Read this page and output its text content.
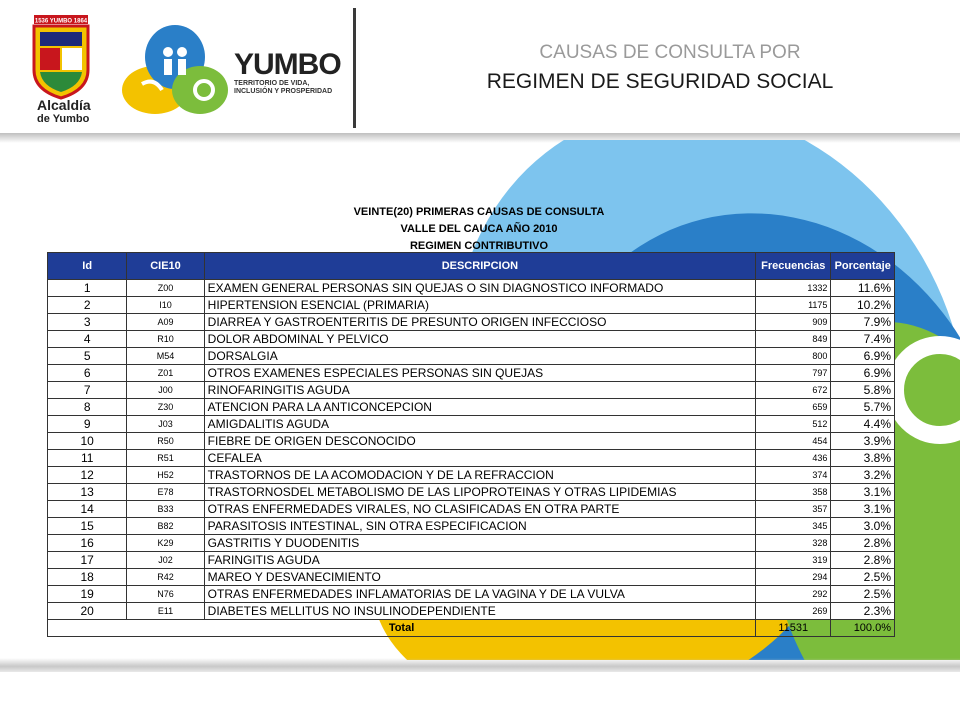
1536 YUMBO 1864
Alcaldía
de Yumbo
YUMBO
TERRITORIO DE VIDA,
INCLUSIÓN Y PROSPERIDAD
CAUSAS DE CONSULTA POR
REGIMEN DE SEGURIDAD SOCIAL
VEINTE(20) PRIMERAS CAUSAS DE CONSULTA
VALLE DEL CAUCA AÑO 2010
REGIMEN CONTRIBUTIVO
Id	CIE10	DESCRIPCION	Frecuencias	Porcentaje
1	Z00	EXAMEN GENERAL PERSONAS SIN QUEJAS O SIN DIAGNOSTICO INFORMADO	1332	11.6%
2	I10	HIPERTENSION ESENCIAL (PRIMARIA)	1175	10.2%
3	A09	DIARREA Y GASTROENTERITIS DE PRESUNTO ORIGEN INFECCIOSO	909	7.9%
4	R10	DOLOR ABDOMINAL Y PELVICO	849	7.4%
5	M54	DORSALGIA	800	6.9%
6	Z01	OTROS EXAMENES ESPECIALES PERSONAS SIN QUEJAS	797	6.9%
7	J00	RINOFARINGITIS AGUDA	672	5.8%
8	Z30	ATENCION PARA LA ANTICONCEPCION	659	5.7%
9	J03	AMIGDALITIS AGUDA	512	4.4%
10	R50	FIEBRE DE ORIGEN DESCONOCIDO	454	3.9%
11	R51	CEFALEA	436	3.8%
12	H52	TRASTORNOS DE LA ACOMODACION Y DE LA REFRACCION	374	3.2%
13	E78	TRASTORNOSDEL METABOLISMO DE LAS LIPOPROTEINAS Y OTRAS LIPIDEMIAS	358	3.1%
14	B33	OTRAS ENFERMEDADES VIRALES, NO CLASIFICADAS EN OTRA PARTE	357	3.1%
15	B82	PARASITOSIS INTESTINAL, SIN OTRA ESPECIFICACION	345	3.0%
16	K29	GASTRITIS Y DUODENITIS	328	2.8%
17	J02	FARINGITIS AGUDA	319	2.8%
18	R42	MAREO Y DESVANECIMIENTO	294	2.5%
19	N76	OTRAS ENFERMEDADES INFLAMATORIAS DE LA VAGINA Y DE LA VULVA	292	2.5%
20	E11	DIABETES MELLITUS NO INSULINODEPENDIENTE	269	2.3%
Total			11531	100.0%
